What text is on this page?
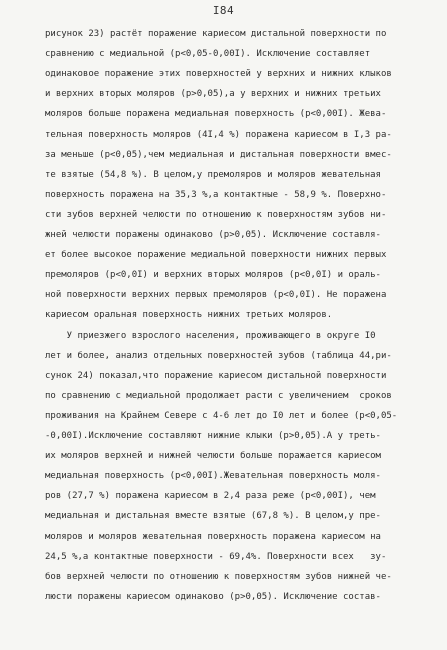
I84
рисунок 23) растёт поражение кариесом дистальной поверхности по
сравнению с медиальной (р<0,05-0,00I). Исключение составляет
одинаковое поражение этих поверхностей у верхних и нижних клыков
и верхних вторых моляров (р>0,05),а у верхних и нижних третьих
моляров больше поражена медиальная поверхность (р<0,00I). Жева-
тельная поверхность моляров (4I,4 %) поражена кариесом в I,3 ра-
за меньше (р<0,05),чем медиальная и дистальная поверхности вмес-
те взятые (54,8 %). В целом,у премоляров и моляров жевательная
поверхность поражена на 35,3 %,а контактные - 58,9 %. Поверхно-
сти зубов верхней челюсти по отношению к поверхностям зубов ни-
жней челюсти поражены одинаково (р>0,05). Исключение составля-
ет более высокое поражение медиальной поверхности нижних первых
премоляров (р<0,0I) и верхних вторых моляров (р<0,0I) и ораль-
ной поверхности верхних первых премоляров (р<0,0I). Не поражена
кариесом оральная поверхность нижних третьих моляров.
У приезжего взрослого населения, проживающего в округе I0
лет и более, анализ отдельных поверхностей зубов (таблица 44,ри-
сунок 24) показал,что поражение кариесом дистальной поверхности
по сравнению с медиальной продолжает расти с увеличением  сроков
проживания на Крайнем Севере с 4-6 лет до I0 лет и более (р<0,05-
-0,00I).Исключение составляют нижние клыки (р>0,05).А у треть-
их моляров верхней и нижней челюсти больше поражается кариесом
медиальная поверхность (р<0,00I).Жевательная поверхность моля-
ров (27,7 %) поражена кариесом в 2,4 раза реже (р<0,00I), чем
медиальная и дистальная вместе взятые (67,8 %). В целом,у пре-
моляров и моляров жевательная поверхность поражена кариесом на
24,5 %,а контактные поверхности - 69,4%. Поверхности всех   зу-
бов верхней челюсти по отношению к поверхностям зубов нижней че-
люсти поражены кариесом одинаково (р>0,05). Исключение состав-
